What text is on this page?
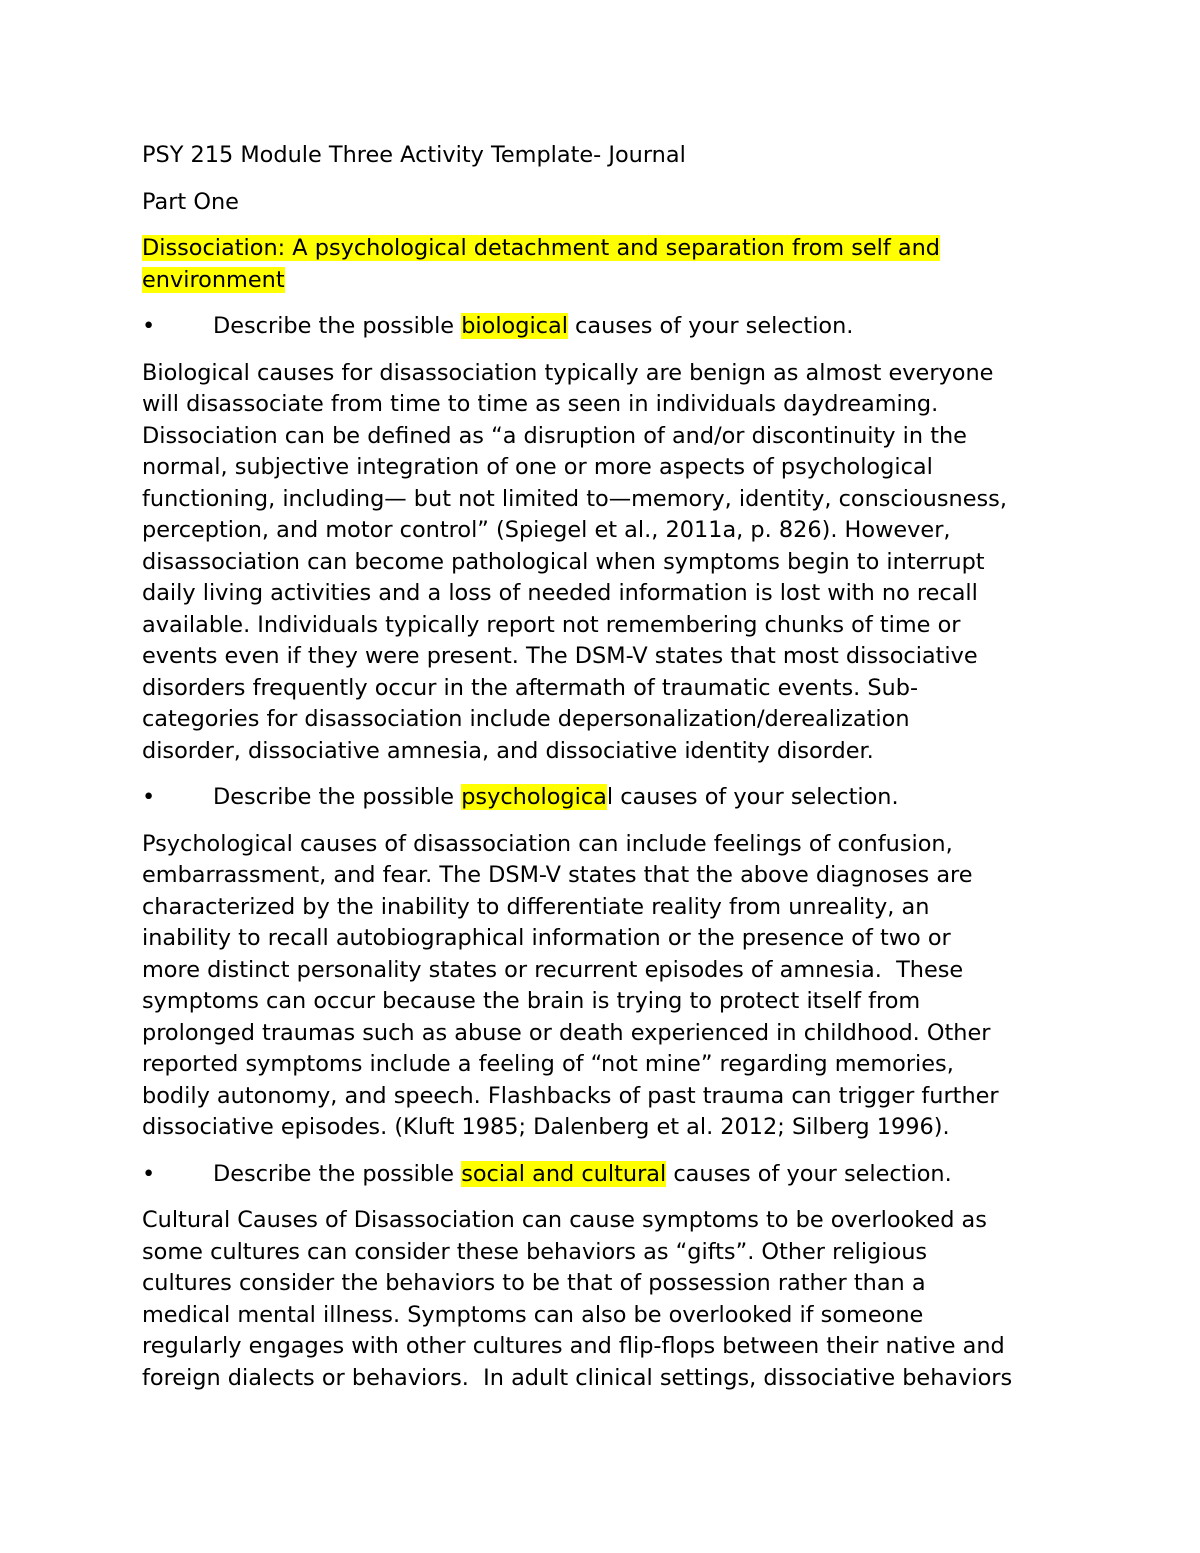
PSY 215 Module Three Activity Template- Journal

Part One

Dissociation: A psychological detachment and separation from self and
environment

•	Describe the possible biological causes of your selection.

Biological causes for disassociation typically are benign as almost everyone
will disassociate from time to time as seen in individuals daydreaming.
Dissociation can be defined as “a disruption of and/or discontinuity in the
normal, subjective integration of one or more aspects of psychological
functioning, including— but not limited to—memory, identity, consciousness,
perception, and motor control” (Spiegel et al., 2011a, p. 826). However,
disassociation can become pathological when symptoms begin to interrupt
daily living activities and a loss of needed information is lost with no recall
available. Individuals typically report not remembering chunks of time or
events even if they were present. The DSM-V states that most dissociative
disorders frequently occur in the aftermath of traumatic events. Sub-
categories for disassociation include depersonalization/derealization
disorder, dissociative amnesia, and dissociative identity disorder.

•	Describe the possible psychological causes of your selection.

Psychological causes of disassociation can include feelings of confusion,
embarrassment, and fear. The DSM-V states that the above diagnoses are
characterized by the inability to differentiate reality from unreality, an
inability to recall autobiographical information or the presence of two or
more distinct personality states or recurrent episodes of amnesia.  These
symptoms can occur because the brain is trying to protect itself from
prolonged traumas such as abuse or death experienced in childhood. Other
reported symptoms include a feeling of “not mine” regarding memories,
bodily autonomy, and speech. Flashbacks of past trauma can trigger further
dissociative episodes. (Kluft 1985; Dalenberg et al. 2012; Silberg 1996).

•	Describe the possible social and cultural causes of your selection.

Cultural Causes of Disassociation can cause symptoms to be overlooked as
some cultures can consider these behaviors as “gifts”. Other religious
cultures consider the behaviors to be that of possession rather than a
medical mental illness. Symptoms can also be overlooked if someone
regularly engages with other cultures and flip-flops between their native and
foreign dialects or behaviors.  In adult clinical settings, dissociative behaviors
